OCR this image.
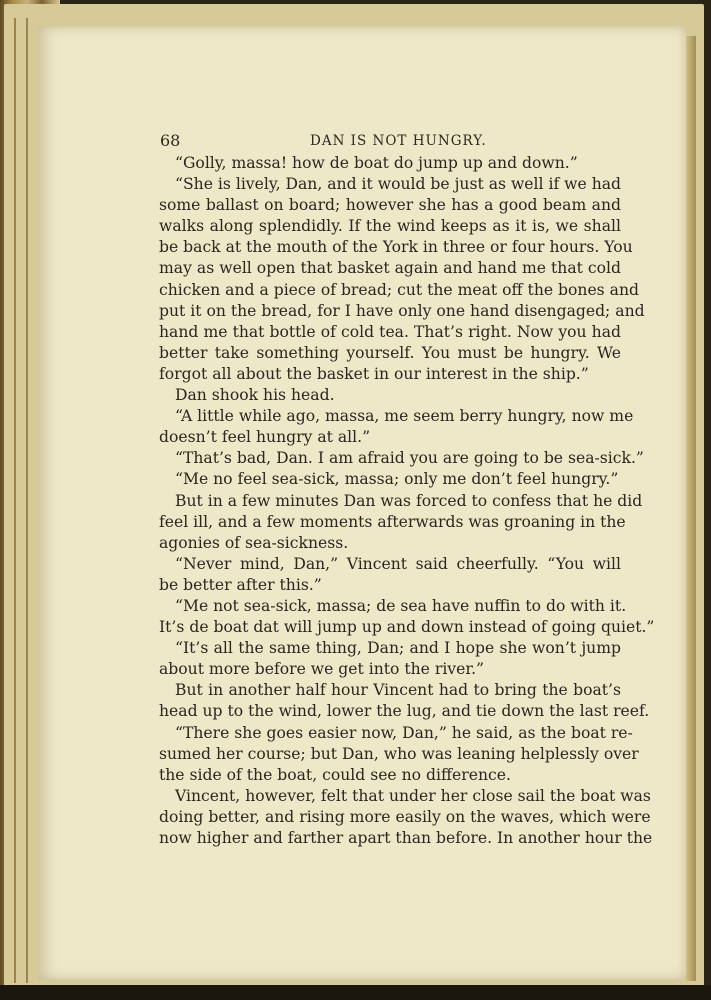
68	DAN IS NOT HUNGRY.
“Golly, massa! how de boat do jump up and down.”
“She is lively, Dan, and it would be just as well if we had
some ballast on board; however she has a good beam and
walks along splendidly. If the wind keeps as it is, we shall
be back at the mouth of the York in three or four hours. You
may as well open that basket again and hand me that cold
chicken and a piece of bread; cut the meat off the bones and
put it on the bread, for I have only one hand disengaged; and
hand me that bottle of cold tea. That’s right. Now you had
better take something yourself. You must be hungry. We
forgot all about the basket in our interest in the ship.”
Dan shook his head.
“A little while ago, massa, me seem berry hungry, now me
doesn’t feel hungry at all.”
“That’s bad, Dan. I am afraid you are going to be sea-sick.”
“Me no feel sea-sick, massa; only me don’t feel hungry.”
But in a few minutes Dan was forced to confess that he did
feel ill, and a few moments afterwards was groaning in the
agonies of sea-sickness.
“Never mind, Dan,” Vincent said cheerfully. “You will
be better after this.”
“Me not sea-sick, massa; de sea have nuffin to do with it.
It’s de boat dat will jump up and down instead of going quiet.”
“It’s all the same thing, Dan; and I hope she won’t jump
about more before we get into the river.”
But in another half hour Vincent had to bring the boat’s
head up to the wind, lower the lug, and tie down the last reef.
“There she goes easier now, Dan,” he said, as the boat re-
sumed her course; but Dan, who was leaning helplessly over
the side of the boat, could see no difference.
Vincent, however, felt that under her close sail the boat was
doing better, and rising more easily on the waves, which were
now higher and farther apart than before. In another hour the
